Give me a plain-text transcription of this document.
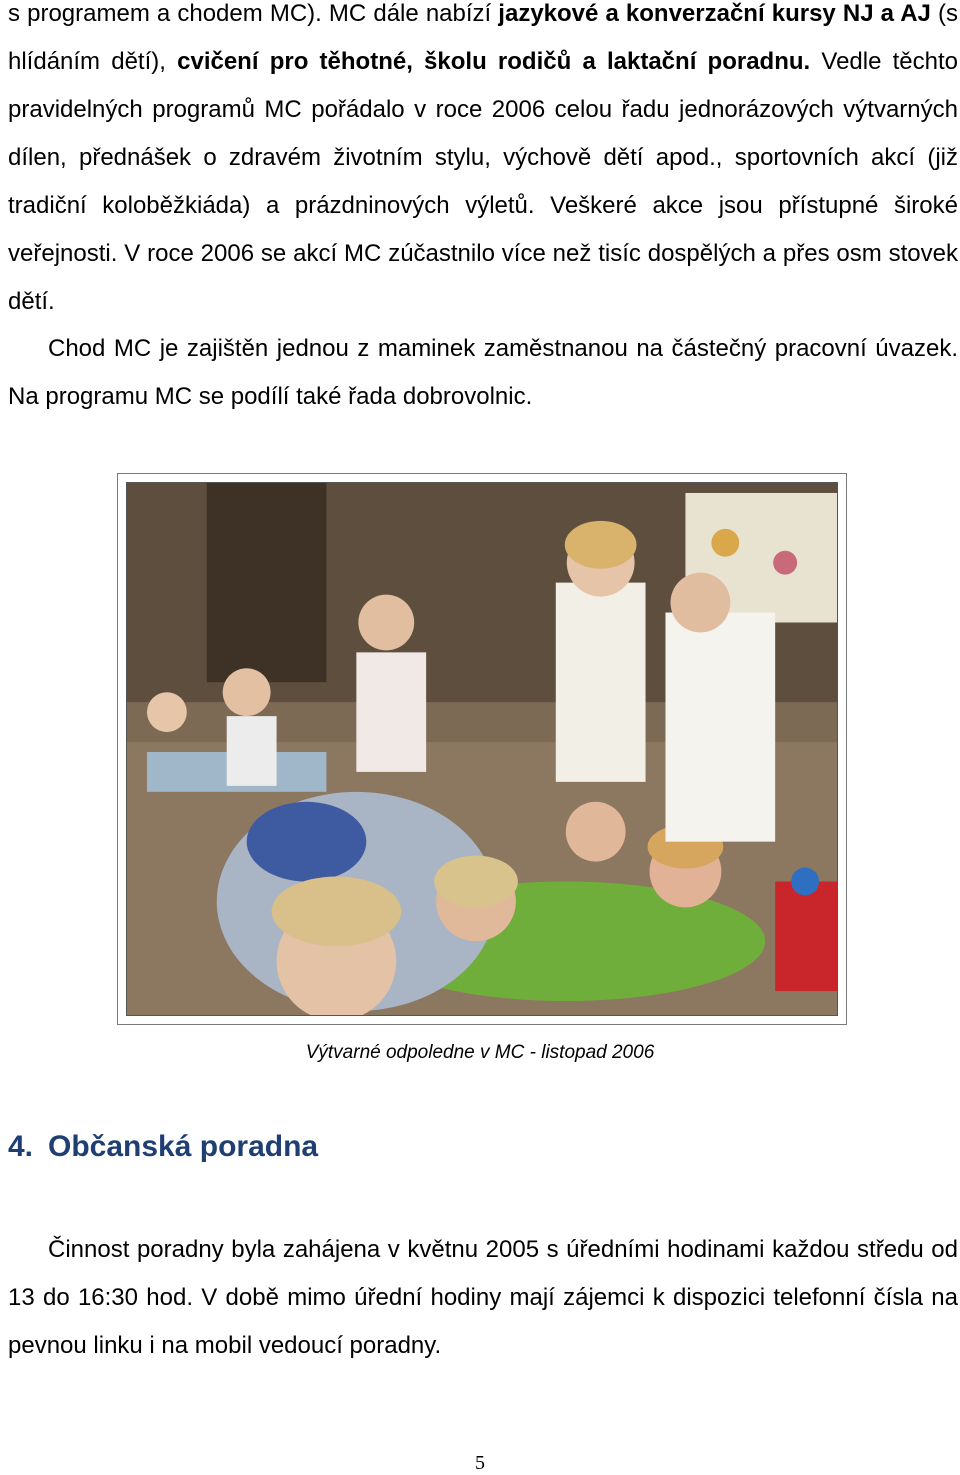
s programem a chodem MC). MC dále nabízí jazykové a konverzační kursy NJ a AJ (s hlídáním dětí), cvičení pro těhotné, školu rodičů a laktační poradnu. Vedle těchto pravidelných programů MC pořádalo v roce 2006 celou řadu jednorázových výtvarných dílen, přednášek o zdravém životním stylu, výchově dětí apod., sportovních akcí (již tradiční koloběžkiáda) a prázdninových výletů. Veškeré akce jsou přístupné široké veřejnosti. V roce 2006 se akcí MC zúčastnilo více než tisíc dospělých a přes osm stovek dětí.

Chod MC je zajištěn jednou z maminek zaměstnanou na částečný pracovní úvazek. Na programu MC se podílí také řada dobrovolnic.

Výtvarné odpoledne v MC - listopad 2006
4. Občanská poradna

Činnost poradny byla zahájena v květnu 2005 s úředními hodinami každou středu od 13 do 16:30 hod. V době mimo úřední hodiny mají zájemci k dispozici telefonní čísla na pevnou linku i na mobil vedoucí poradny.

5
